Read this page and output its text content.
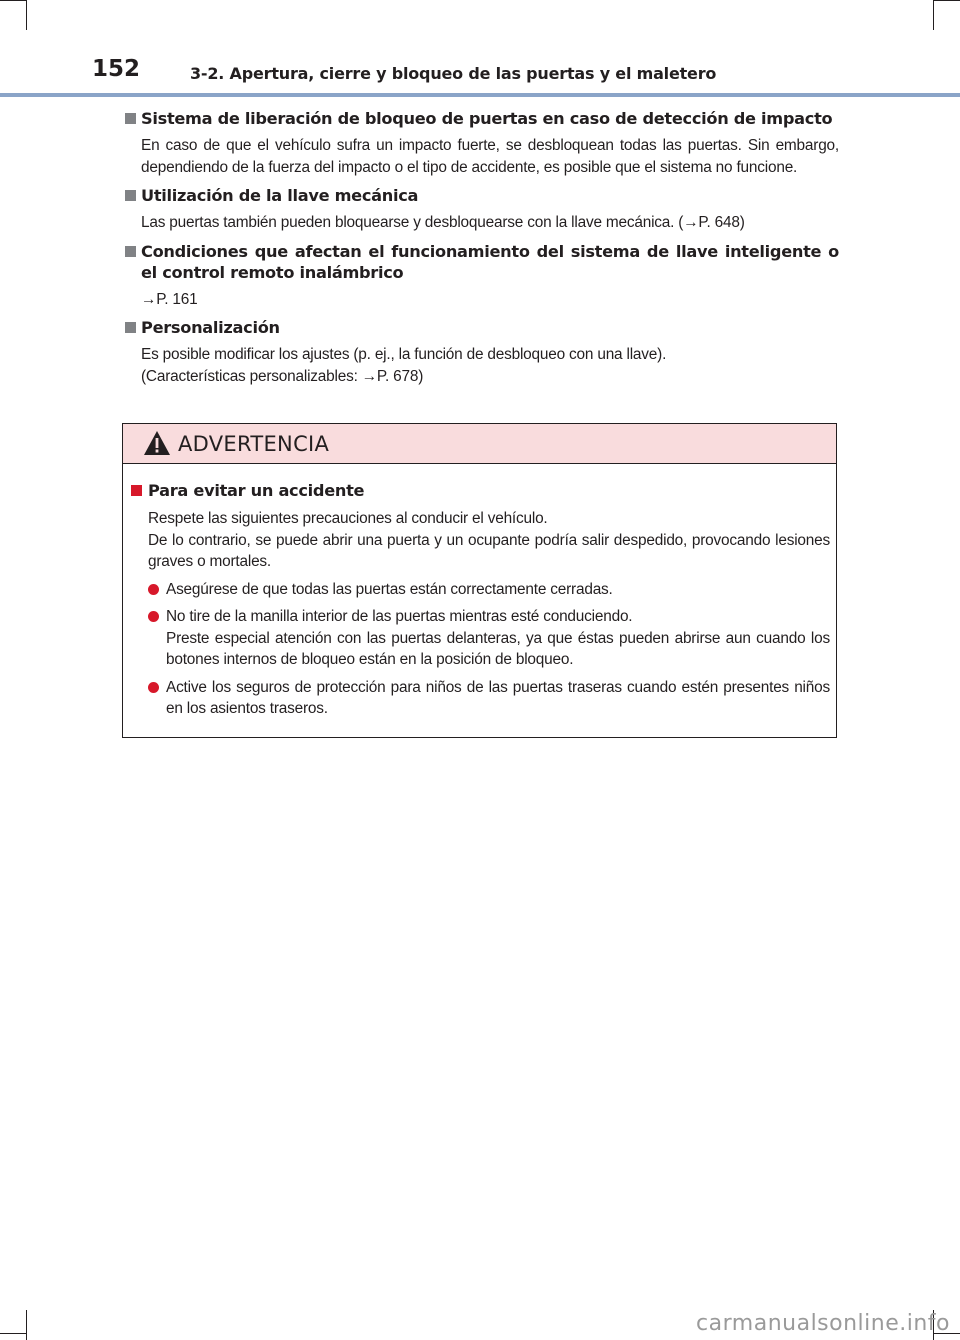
152	3-2. Apertura, cierre y bloqueo de las puertas y el maletero
Sistema de liberación de bloqueo de puertas en caso de detección de impacto
En caso de que el vehículo sufra un impacto fuerte, se desbloquean todas las puertas. Sin embargo, dependiendo de la fuerza del impacto o el tipo de accidente, es posible que el sistema no funcione.
Utilización de la llave mecánica
Las puertas también pueden bloquearse y desbloquearse con la llave mecánica. (→P. 648)
Condiciones que afectan el funcionamiento del sistema de llave inteligente o el control remoto inalámbrico
→P. 161
Personalización
Es posible modificar los ajustes (p. ej., la función de desbloqueo con una llave).
(Características personalizables: →P. 678)
ADVERTENCIA
Para evitar un accidente
Respete las siguientes precauciones al conducir el vehículo.
De lo contrario, se puede abrir una puerta y un ocupante podría salir despedido, provocando lesiones graves o mortales.
Asegúrese de que todas las puertas están correctamente cerradas.
No tire de la manilla interior de las puertas mientras esté conduciendo.
Preste especial atención con las puertas delanteras, ya que éstas pueden abrirse aun cuando los botones internos de bloqueo están en la posición de bloqueo.
Active los seguros de protección para niños de las puertas traseras cuando estén presentes niños en los asientos traseros.
carmanualsonline.info
